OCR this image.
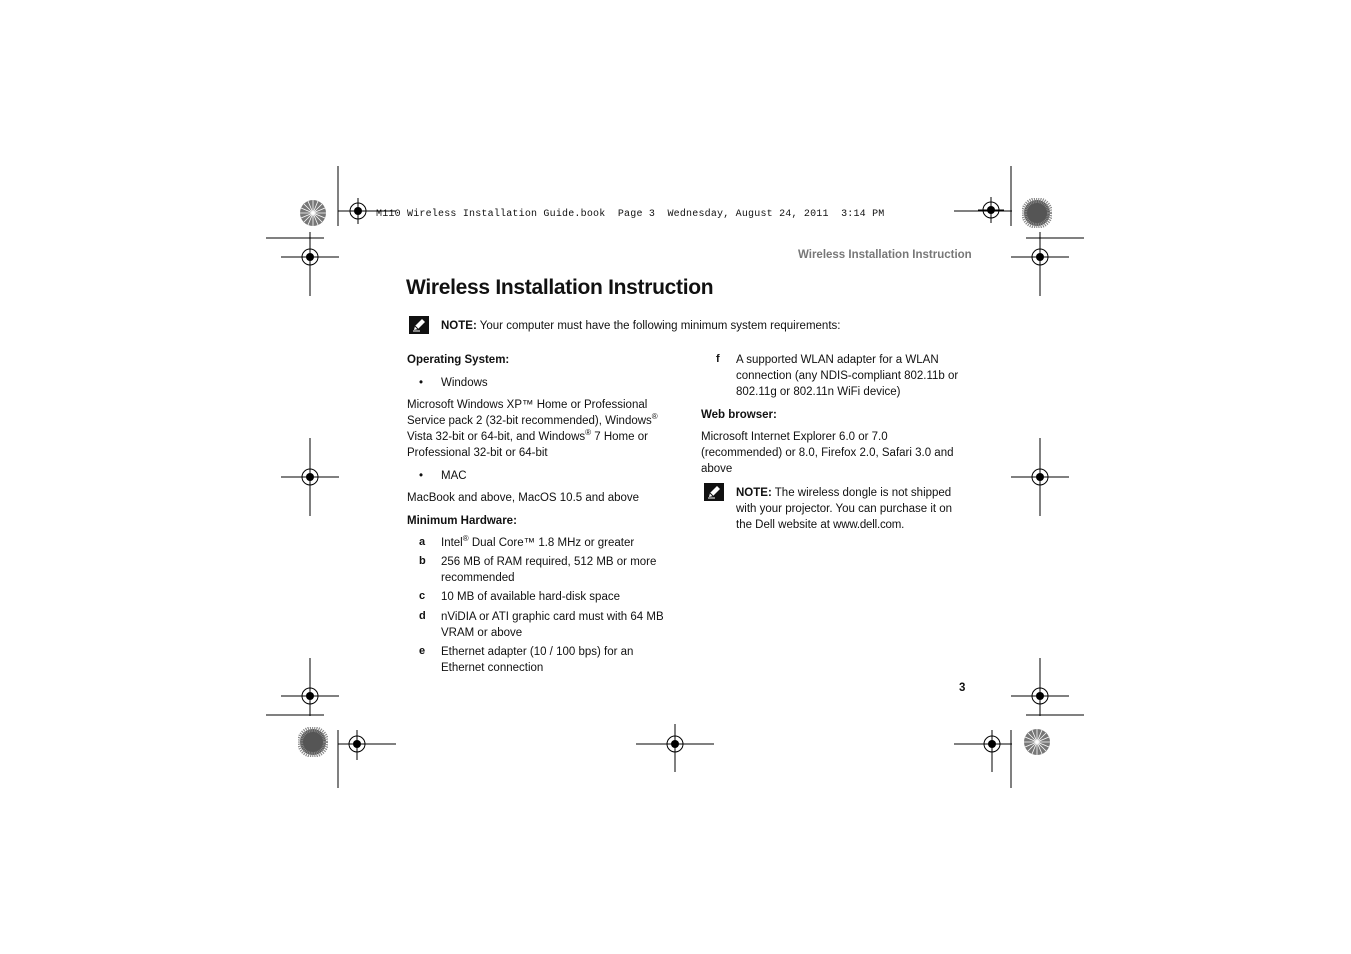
M110 Wireless Installation Guide.book  Page 3  Wednesday, August 24, 2011  3:14 PM
Wireless Installation Instruction
Wireless Installation Instruction
NOTE: Your computer must have the following minimum system requirements:
Operating System:
• Windows
Microsoft Windows XP™ Home or Professional Service pack 2 (32-bit recommended), Windows® Vista 32-bit or 64-bit, and Windows® 7 Home or Professional 32-bit or 64-bit
• MAC
MacBook and above, MacOS 10.5 and above
Minimum Hardware:
a Intel® Dual Core™ 1.8 MHz or greater
b 256 MB of RAM required, 512 MB or more recommended
c 10 MB of available hard-disk space
d nViDIA or ATI graphic card must with 64 MB VRAM or above
e Ethernet adapter (10 / 100 bps) for an Ethernet connection
f A supported WLAN adapter for a WLAN connection (any NDIS-compliant 802.11b or 802.11g or 802.11n WiFi device)
Web browser:
Microsoft Internet Explorer 6.0 or 7.0 (recommended) or 8.0, Firefox 2.0, Safari 3.0 and above
NOTE: The wireless dongle is not shipped with your projector. You can purchase it on the Dell website at www.dell.com.
3
